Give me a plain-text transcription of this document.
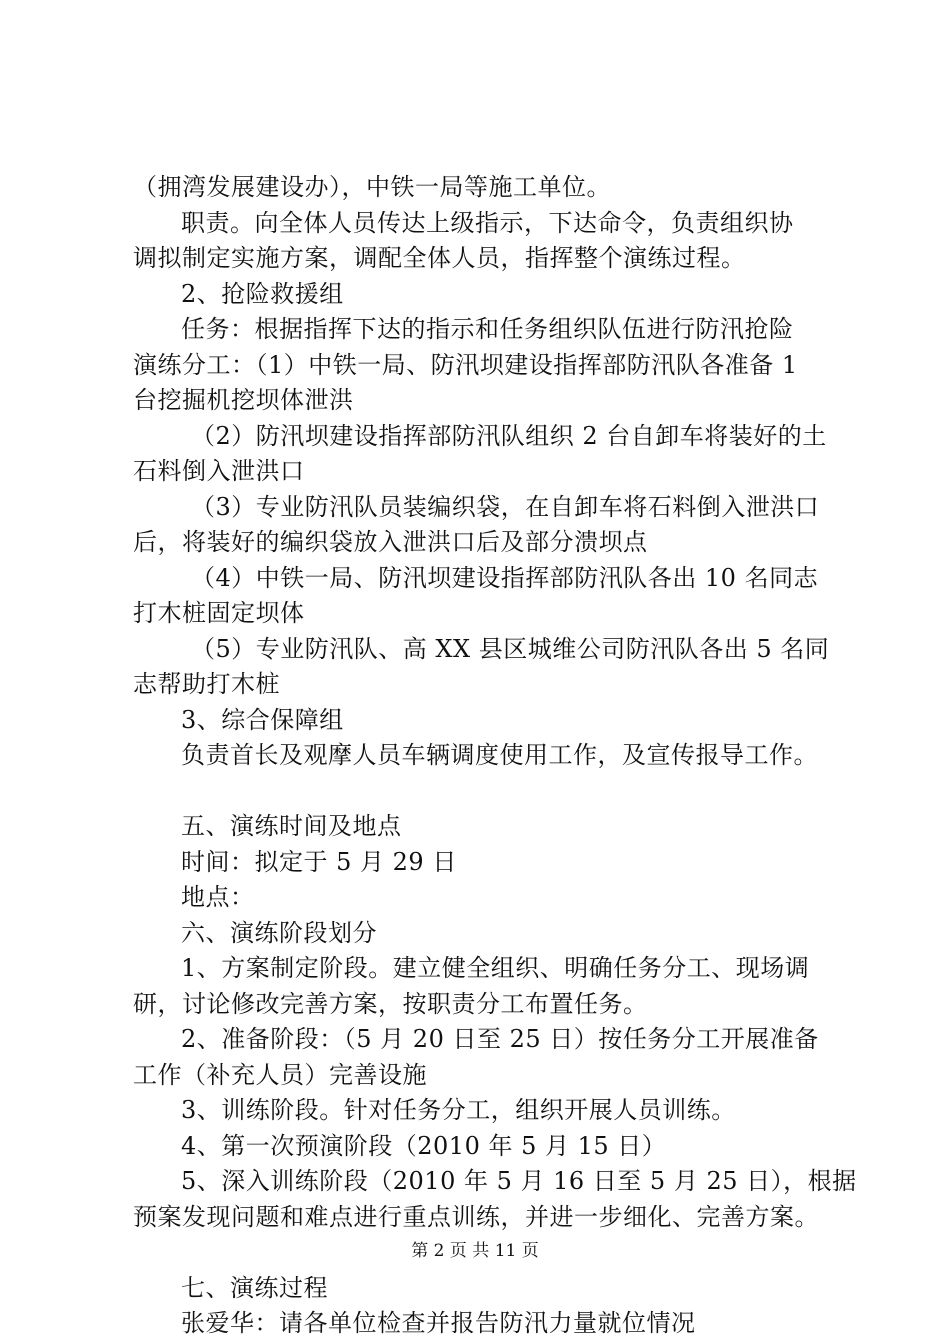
（拥湾发展建设办），中铁一局等施工单位。
职责。向全体人员传达上级指示，下达命令，负责组织协
调拟制定实施方案，调配全体人员，指挥整个演练过程。
2、抢险救援组
任务：根据指挥下达的指示和任务组织队伍进行防汛抢险
演练分工：（1）中铁一局、防汛坝建设指挥部防汛队各准备 1
台挖掘机挖坝体泄洪
（2）防汛坝建设指挥部防汛队组织 2 台自卸车将装好的土
石料倒入泄洪口
（3）专业防汛队员装编织袋，在自卸车将石料倒入泄洪口
后，将装好的编织袋放入泄洪口后及部分溃坝点
（4）中铁一局、防汛坝建设指挥部防汛队各出 10 名同志
打木桩固定坝体
（5）专业防汛队、高 XX 县区城维公司防汛队各出 5 名同
志帮助打木桩
3、综合保障组
负责首长及观摩人员车辆调度使用工作，及宣传报导工作。
五、演练时间及地点
时间：拟定于 5 月 29 日
地点：
六、演练阶段划分
1、方案制定阶段。建立健全组织、明确任务分工、现场调
研，讨论修改完善方案，按职责分工布置任务。
2、准备阶段：（5 月 20 日至 25 日）按任务分工开展准备
工作（补充人员）完善设施
3、训练阶段。针对任务分工，组织开展人员训练。
4、第一次预演阶段（2010 年 5 月 15 日）
5、深入训练阶段（2010 年 5 月 16 日至 5 月 25 日），根据
预案发现问题和难点进行重点训练，并进一步细化、完善方案。
七、演练过程
张爱华：请各单位检查并报告防汛力量就位情况
第 2 页 共 11 页
